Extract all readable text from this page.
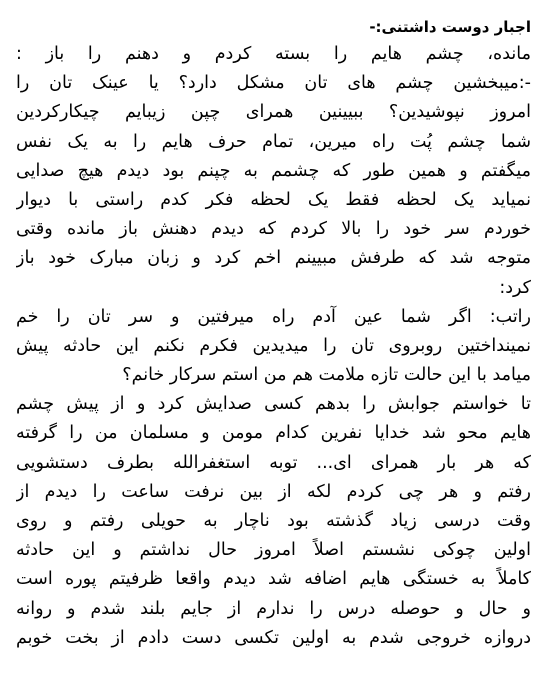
اجبار دوست داشتنی:-
مانده، چشم هایم را بسته کردم و دهنم را باز :
-:میبخشین چشم های تان مشکل دارد؟ یا عینک تان را
امروز نپوشیدین؟ ببیینین همرای چپن زیبایم چیکارکردین
شما چشم پُت راه میرین، تمام حرف هایم را به یک نفس
میگفتم و همین طور که چشمم به چپنم بود دیدم هیچ صدایی
نمیاید یک لحظه فقط یک لحظه فکر کدم راستی با دیوار
خوردم سر خود را بالا کردم که دیدم دهنش باز مانده وقتی
متوجه شد که طرفش مبیینم اخم کرد و زبان مبارک خود باز
کرد:
راتب: اگر شما عین آدم راه میرفتین و سر تان را خم
نمینداختین روبروی تان را میدیدین فکرم نکنم این حادثه پیش
میامد با این حالت تازه ملامت هم من استم سرکار خانم؟
تا خواستم جوابش را بدهم کسی صدایش کرد و از پیش چشم
هایم محو شد خدایا نفرین کدام مومن و مسلمان من را گرفته
که هر بار همرای ای... توبه استغفرالله بطرف دستشویی
رفتم و هر چی کردم لکه از بین نرفت ساعت را دیدم از
وقت درسی زیاد گذشته بود ناچار به حویلی رفتم و روی
اولین چوکی نشستم اصلاً امروز حال نداشتم و این حادثه
کاملاً به خستگی هایم اضافه شد دیدم واقعا ظرفیتم پوره است
و حال و حوصله درس را ندارم از جایم بلند شدم و روانه
دروازه خروجی شدم به اولین تکسی دست دادم از بخت خوبم
